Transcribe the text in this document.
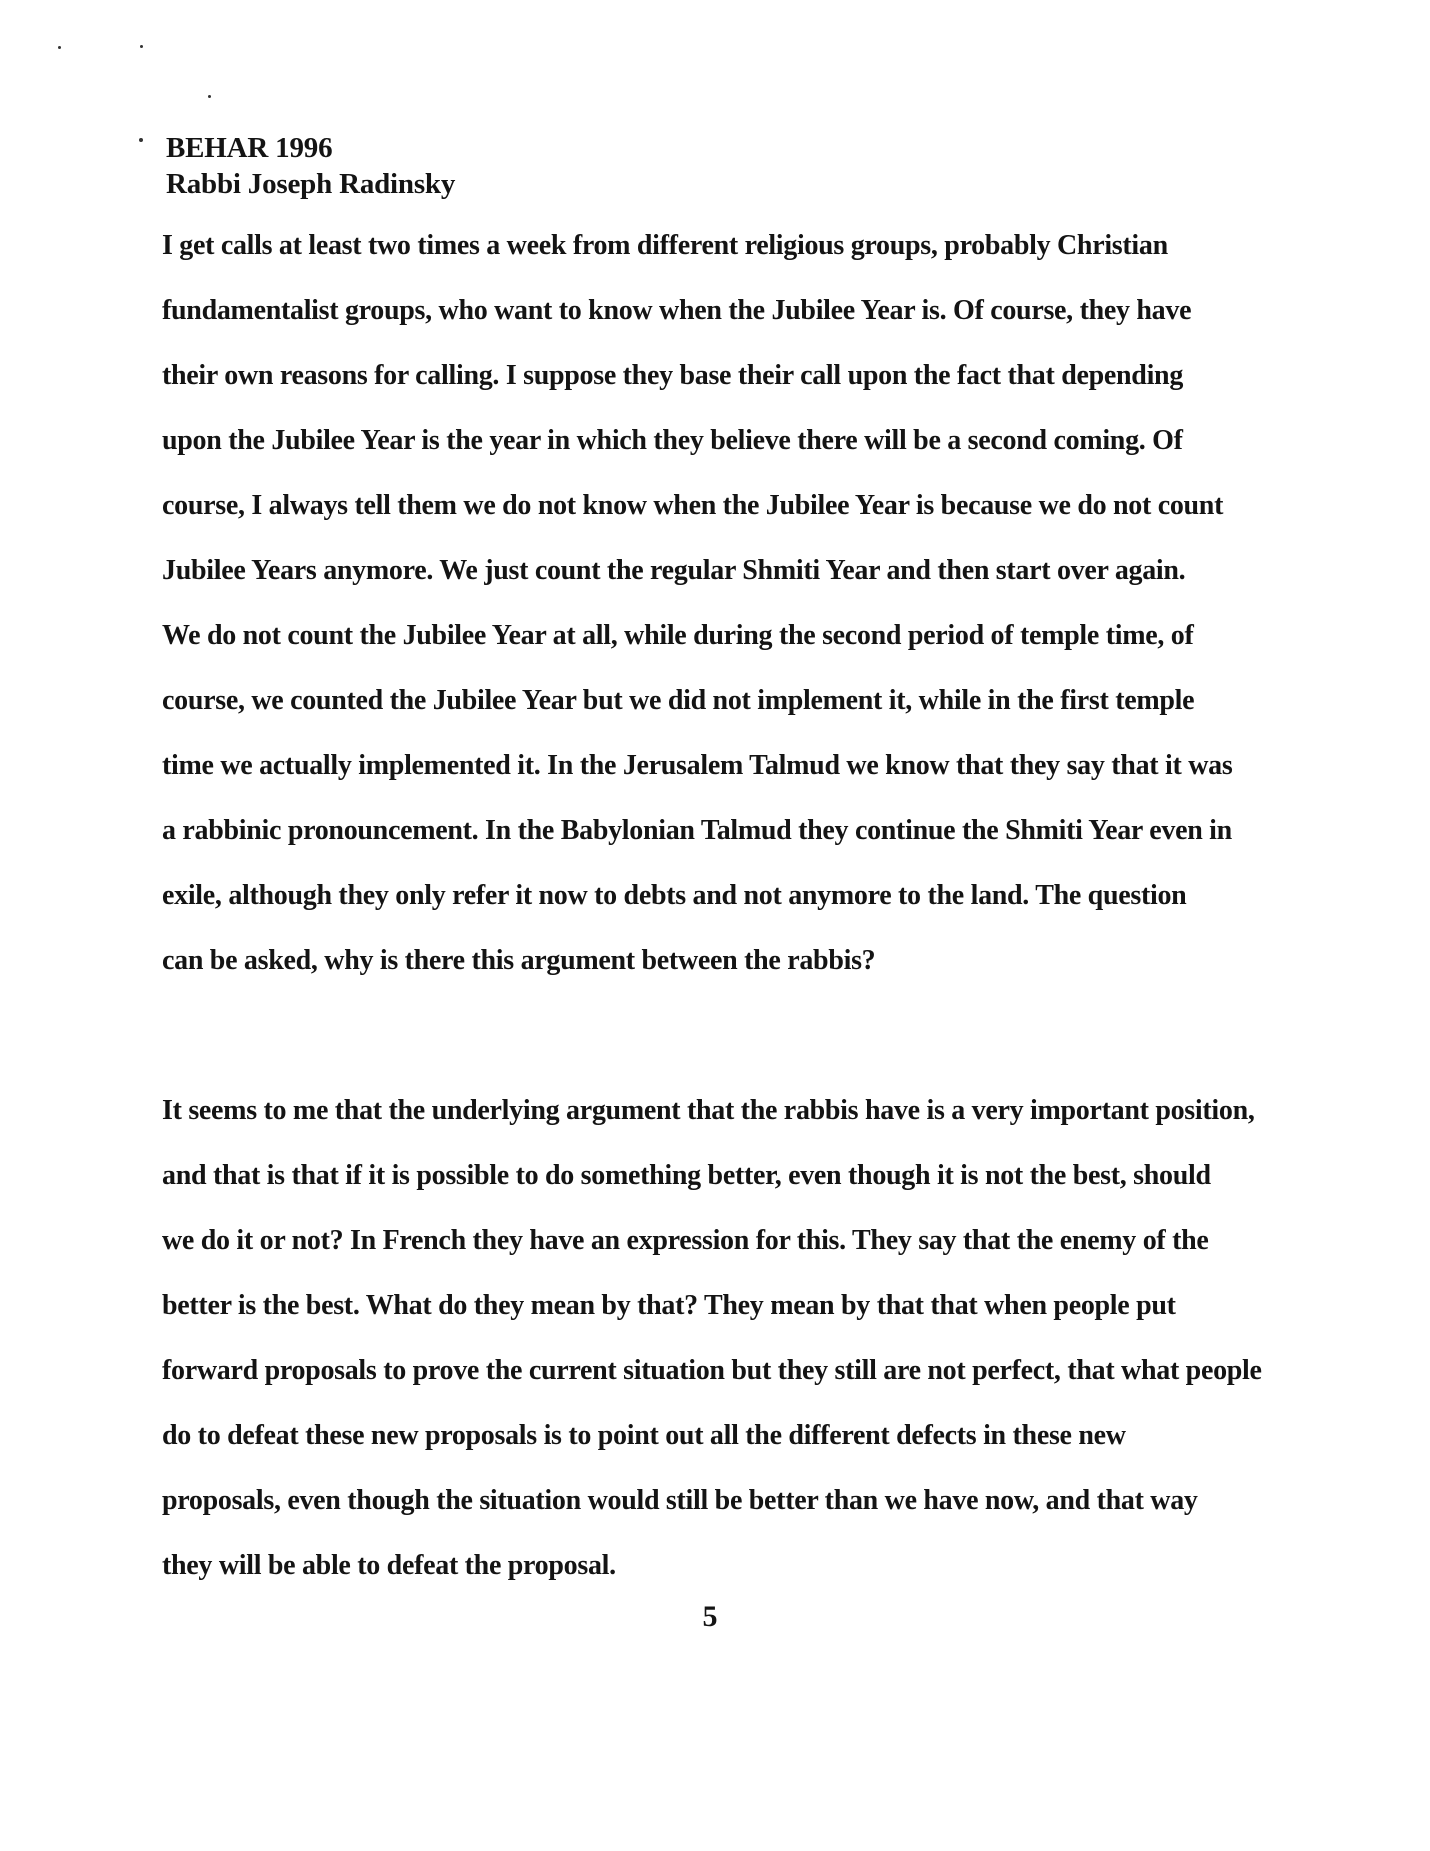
BEHAR 1996
Rabbi Joseph Radinsky
I get calls at least two times a week from different religious groups, probably Christian
fundamentalist groups, who want to know when the Jubilee Year is. Of course, they have
their own reasons for calling. I suppose they base their call upon the fact that depending
upon the Jubilee Year is the year in which they believe there will be a second coming. Of
course, I always tell them we do not know when the Jubilee Year is because we do not count
Jubilee Years anymore. We just count the regular Shmiti Year and then start over again.
We do not count the Jubilee Year at all, while during the second period of temple time, of
course, we counted the Jubilee Year but we did not implement it, while in the first temple
time we actually implemented it. In the Jerusalem Talmud we know that they say that it was
a rabbinic pronouncement. In the Babylonian Talmud they continue the Shmiti Year even in
exile, although they only refer it now to debts and not anymore to the land. The question
can be asked, why is there this argument between the rabbis?
It seems to me that the underlying argument that the rabbis have is a very important position,
and that is that if it is possible to do something better, even though it is not the best, should
we do it or not? In French they have an expression for this. They say that the enemy of the
better is the best. What do they mean by that? They mean by that that when people put
forward proposals to prove the current situation but they still are not perfect, that what people
do to defeat these new proposals is to point out all the different defects in these new
proposals, even though the situation would still be better than we have now, and that way
they will be able to defeat the proposal.
5
